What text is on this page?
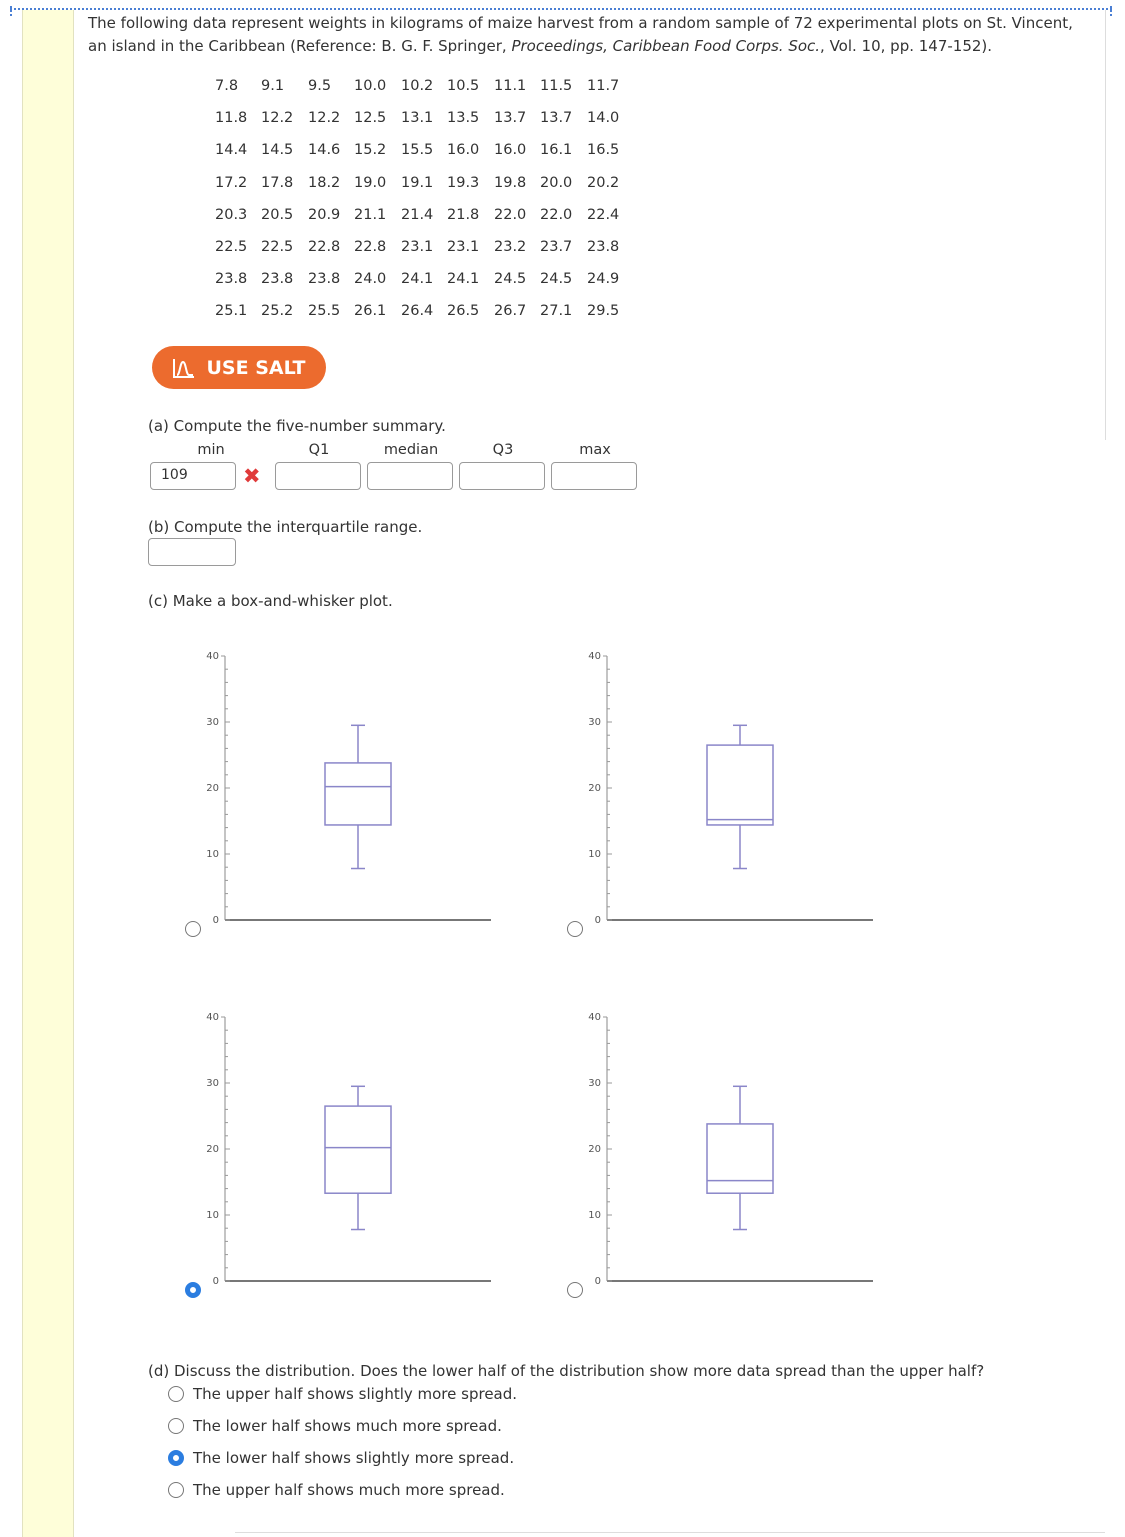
The following data represent weights in kilograms of maize harvest from a random sample of 72 experimental plots on St. Vincent,
an island in the Caribbean (Reference: B. G. F. Springer, Proceedings, Caribbean Food Corps. Soc., Vol. 10, pp. 147-152).
7.8 9.1 9.5 10.0 10.2 10.5 11.1 11.5 11.7
11.8 12.2 12.2 12.5 13.1 13.5 13.7 13.7 14.0
14.4 14.5 14.6 15.2 15.5 16.0 16.0 16.1 16.5
17.2 17.8 18.2 19.0 19.1 19.3 19.8 20.0 20.2
20.3 20.5 20.9 21.1 21.4 21.8 22.0 22.0 22.4
22.5 22.5 22.8 22.8 23.1 23.1 23.2 23.7 23.8
23.8 23.8 23.8 24.0 24.1 24.1 24.5 24.5 24.9
25.1 25.2 25.5 26.1 26.4 26.5 26.7 27.1 29.5
USE SALT
(a) Compute the five-number summary.
min	Q1	median	Q3	max
109	✖
(b) Compute the interquartile range.
(c) Make a box-and-whisker plot.
0
10
20
30
40
0
10
20
30
40
0
10
20
30
40
0
10
20
30
40
(d) Discuss the distribution. Does the lower half of the distribution show more data spread than the upper half?
The upper half shows slightly more spread.
The lower half shows much more spread.
The lower half shows slightly more spread.
The upper half shows much more spread.
